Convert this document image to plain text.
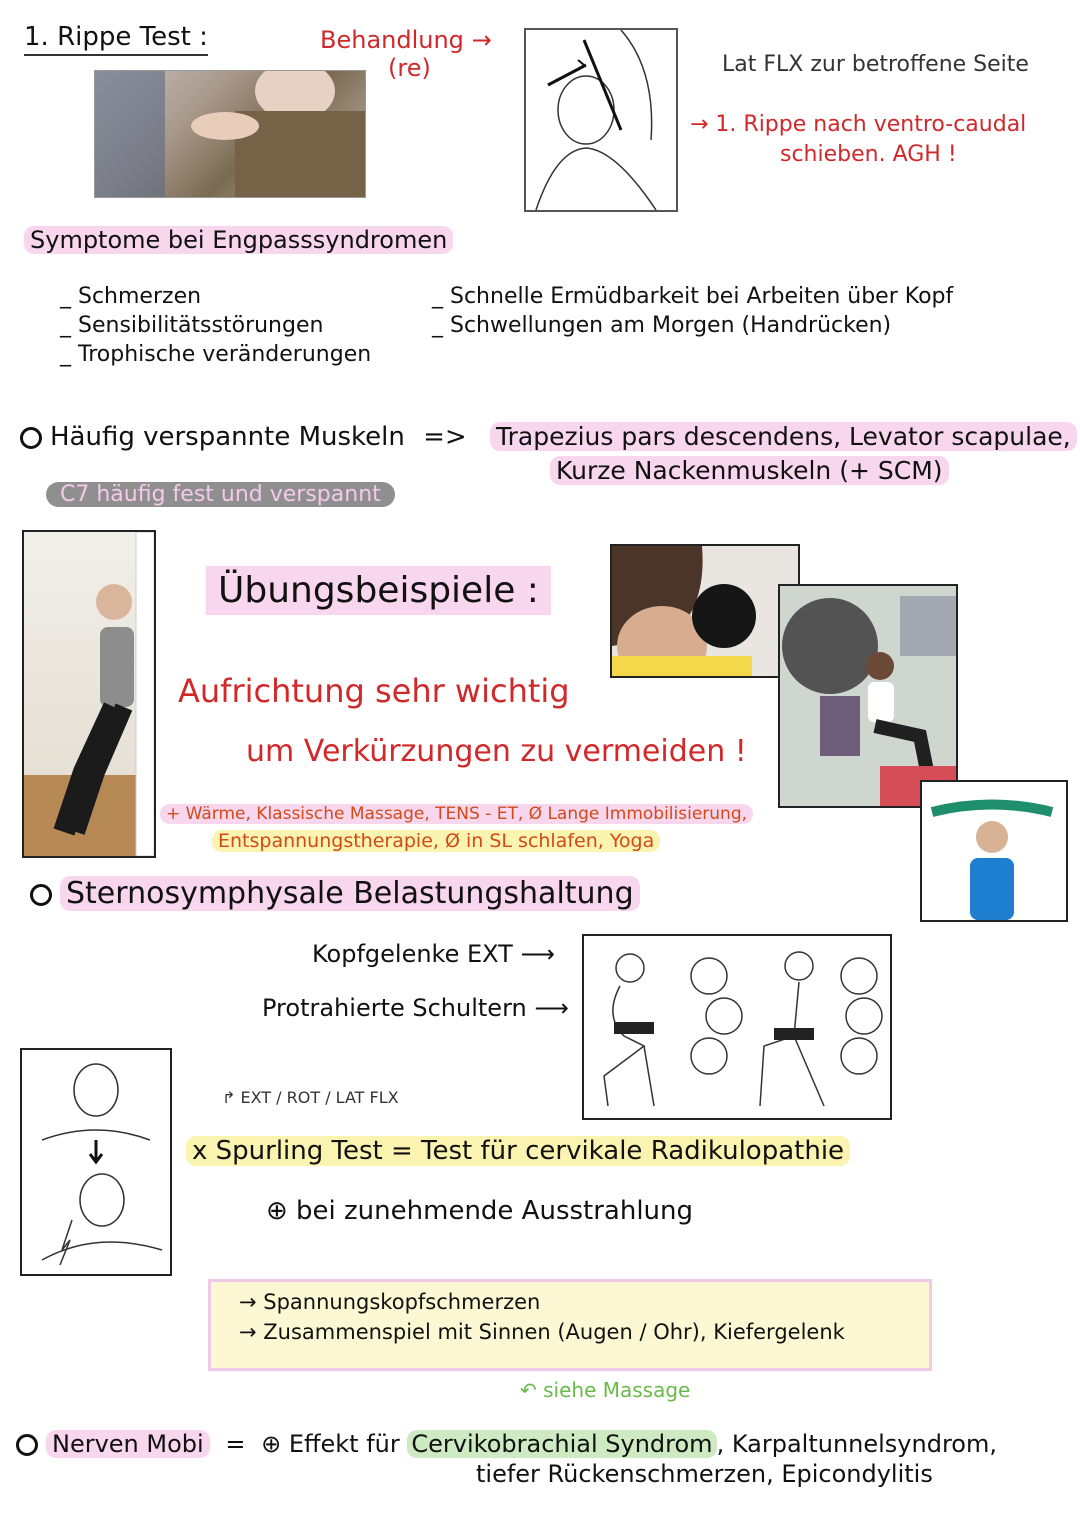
1. Rippe Test :	Behandlung →
(re)	Lat FLX zur betroffene Seite
→ 1. Rippe nach ventro-caudal
schieben. AGH !
Symptome bei Engpasssyndromen
_ Schmerzen
_ Sensibilitätsstörungen
_ Trophische veränderungen
_ Schnelle Ermüdbarkeit bei Arbeiten über Kopf
_ Schwellungen am Morgen (Handrücken)
Häufig verspannte Muskeln => Trapezius pars descendens, Levator scapulae,
Kurze Nackenmuskeln (+ SCM)
C7 häufig fest und verspannt
Übungsbeispiele :
Aufrichtung sehr wichtig
um Verkürzungen zu vermeiden !
+ Wärme, Klassische Massage, TENS - ET, Ø Lange Immobilisierung,
Entspannungstherapie, Ø in SL schlafen, Yoga
Sternosymphysale Belastungshaltung
Kopfgelenke EXT ⟶
Protrahierte Schultern ⟶
↱ EXT / ROT / LAT FLX
x Spurling Test = Test für cervikale Radikulopathie
⊕ bei zunehmende Ausstrahlung
→ Spannungskopfschmerzen
→ Zusammenspiel mit Sinnen (Augen / Ohr), Kiefergelenk
↶ siehe Massage
Nerven Mobi = ⊕ Effekt für Cervikobrachial Syndrom , Karpaltunnelsyndrom,
tiefer Rückenschmerzen, Epicondylitis
